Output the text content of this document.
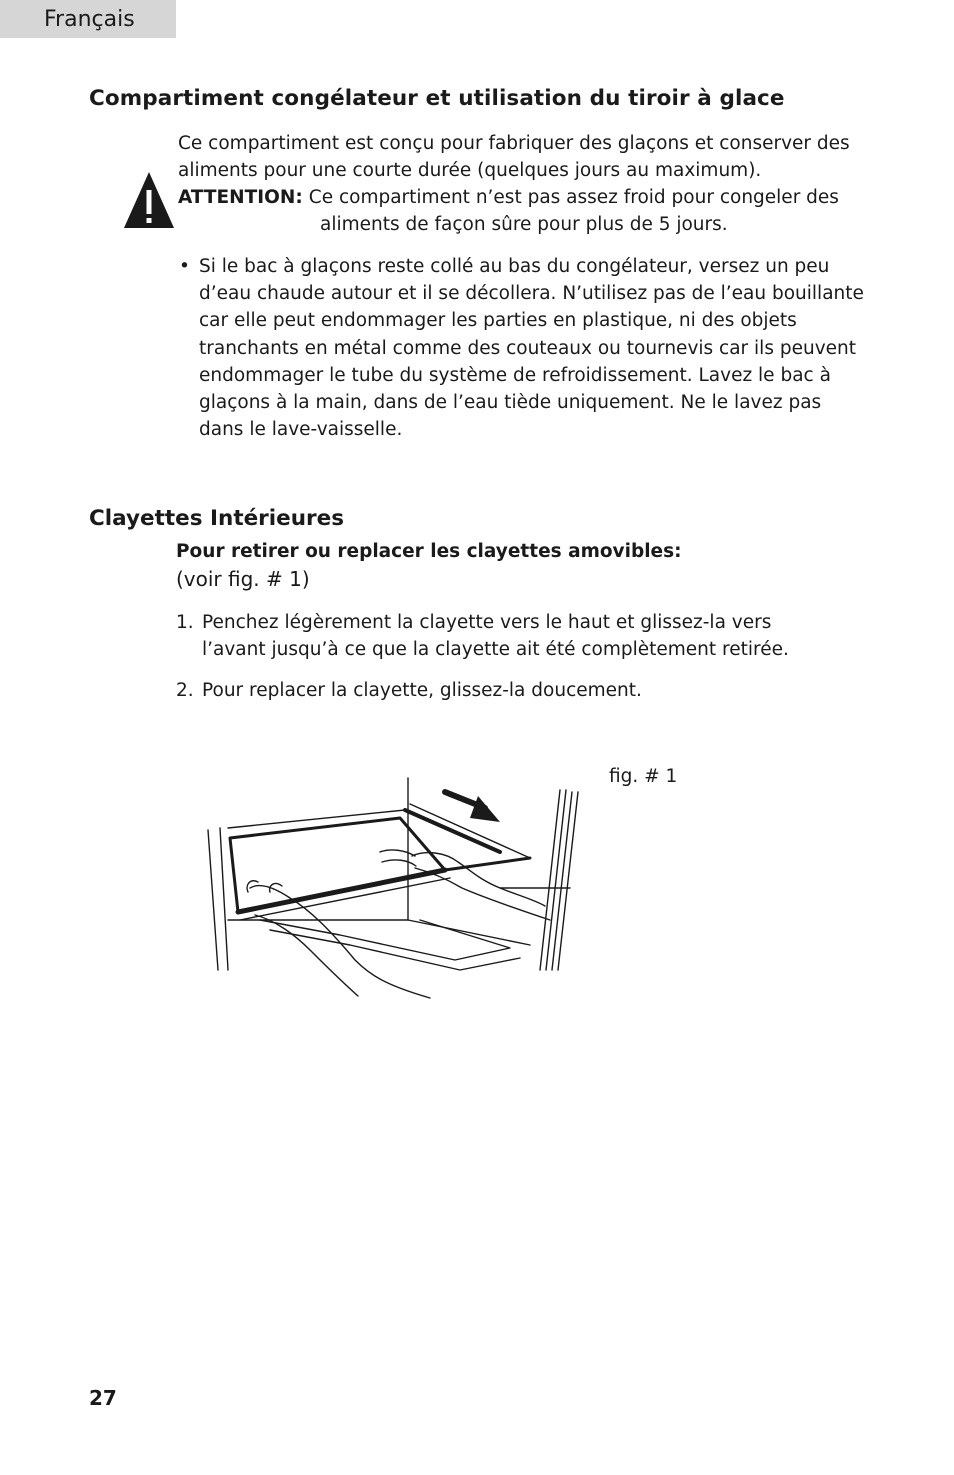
Français
Compartiment congélateur et utilisation du tiroir à glace
Ce compartiment est conçu pour fabriquer des glaçons et conserver des aliments pour une courte durée (quelques jours au maximum).
ATTENTION: Ce compartiment n’est pas assez froid pour congeler des
aliments de façon sûre pour plus de 5 jours.
• Si le bac à glaçons reste collé au bas du congélateur, versez un peu d’eau chaude autour et il se décollera. N’utilisez pas de l’eau bouillante car elle peut endommager les parties en plastique, ni des objets tranchants en métal comme des couteaux ou tournevis car ils peuvent endommager le tube du système de refroidissement. Lavez le bac à glaçons à la main, dans de l’eau tiède uniquement. Ne le lavez pas dans le lave-vaisselle.
Clayettes Intérieures
Pour retirer ou replacer les clayettes amovibles:
(voir fig. # 1)
1. Penchez légèrement la clayette vers le haut et glissez-la vers
l’avant jusqu’à ce que la clayette ait été complètement retirée.
2. Pour replacer la clayette, glissez-la doucement.
fig. # 1
27
